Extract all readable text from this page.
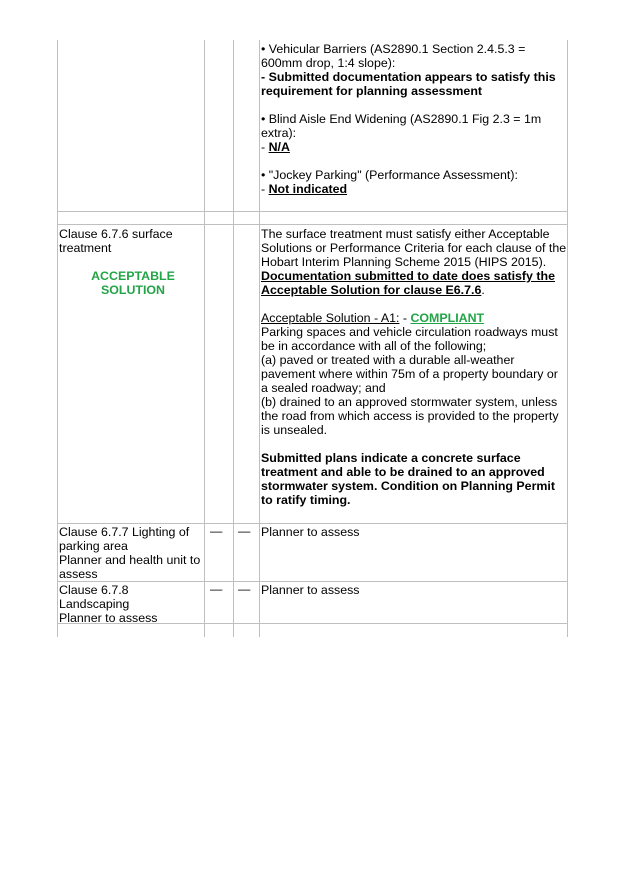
• Vehicular Barriers (AS2890.1 Section 2.4.5.3 = 600mm drop, 1:4 slope):

- Submitted documentation appears to satisfy this requirement for planning assessment

• Blind Aisle End Widening (AS2890.1 Fig 2.3 = 1m extra):

- N/A

• "Jockey Parking" (Performance Assessment):

- Not indicated

Clause 6.7.6 surface treatment

ACCEPTABLE SOLUTION

The surface treatment must satisfy either Acceptable Solutions or Performance Criteria for each clause of the Hobart Interim Planning Scheme 2015 (HIPS 2015).

Documentation submitted to date does satisfy the Acceptable Solution for clause E6.7.6.

Acceptable Solution - A1: - COMPLIANT

Parking spaces and vehicle circulation roadways must be in accordance with all of the following;

(a) paved or treated with a durable all-weather pavement where within 75m of a property boundary or a sealed roadway; and

(b) drained to an approved stormwater system, unless the road from which access is provided to the property is unsealed.

Submitted plans indicate a concrete surface treatment and able to be drained to an approved stormwater system. Condition on Planning Permit to ratify timing.

Clause 6.7.7 Lighting of parking area

Planner and health unit to assess

— — Planner to assess

Clause 6.7.8

Landscaping

Planner to assess

— — Planner to assess
